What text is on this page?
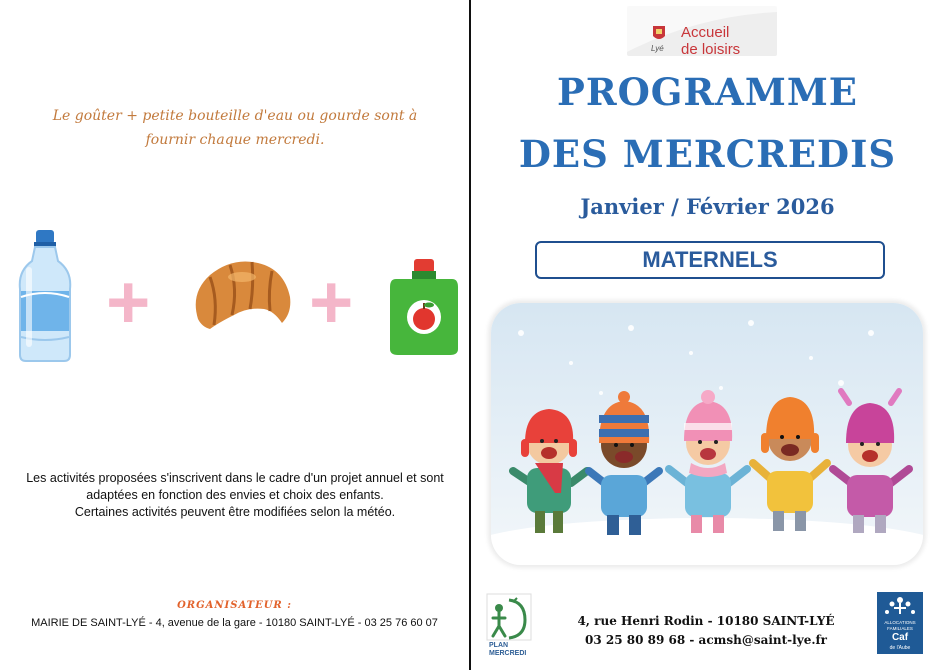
Le goûter + petite bouteille d'eau ou gourde sont à
fournir chaque mercredi.
+ +
Les activités proposées s'inscrivent dans le cadre d'un projet annuel et sont
adaptées en fonction des envies et choix des enfants.
Certaines activités peuvent être modifiées selon la météo.
ORGANISATEUR :
MAIRIE DE SAINT-LYÉ - 4, avenue de la gare - 10180 SAINT-LYÉ - 03 25 76 60 07
Accueil
de loisirs
Lyé
PROGRAMME
DES MERCREDIS
Janvier / Février 2026
MATERNELS
PLAN
MERCREDI
4, rue Henri Rodin - 10180 SAINT-LYÉ
03 25 80 89 68 - acmsh@saint-lye.fr
ALLOCATIONS
FAMILIALES
Caf
de l'Aube
